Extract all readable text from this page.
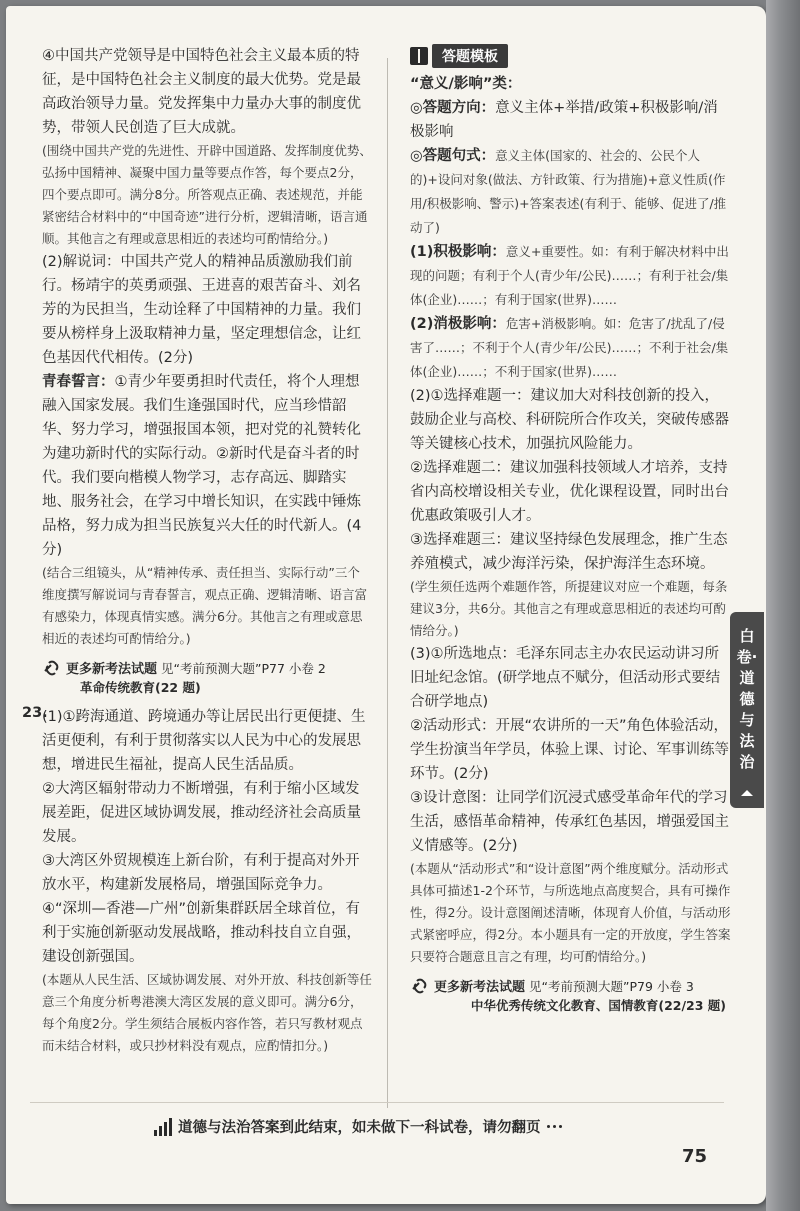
④中国共产党领导是中国特色社会主义最本质的特征，是中国特色社会主义制度的最大优势。党是最高政治领导力量。党发挥集中力量办大事的制度优势，带领人民创造了巨大成就。

(围绕中国共产党的先进性、开辟中国道路、发挥制度优势、弘扬中国精神、凝聚中国力量等要点作答，每个要点2分，四个要点即可。满分8分。所答观点正确、表述规范，并能紧密结合材料中的“中国奇迹”进行分析，逻辑清晰，语言通顺。其他言之有理或意思相近的表述均可酌情给分。)

(2)解说词：中国共产党人的精神品质激励我们前行。杨靖宇的英勇顽强、王进喜的艰苦奋斗、刘名芳的为民担当，生动诠释了中国精神的力量。我们要从榜样身上汲取精神力量，坚定理想信念，让红色基因代代相传。(2分)

青春誓言：①青少年要勇担时代责任，将个人理想融入国家发展。我们生逢强国时代，应当珍惜韶华、努力学习，增强报国本领，把对党的礼赞转化为建功新时代的实际行动。②新时代是奋斗者的时代。我们要向楷模人物学习，志存高远、脚踏实地、服务社会，在学习中增长知识，在实践中锤炼品格，努力成为担当民族复兴大任的时代新人。(4分)

(结合三组镜头，从“精神传承、责任担当、实际行动”三个维度撰写解说词与青春誓言，观点正确、逻辑清晰、语言富有感染力，体现真情实感。满分6分。其他言之有理或意思相近的表述均可酌情给分。)

更多新考法试题 见“考前预测大题”P77 小卷 2

革命传统教育(22 题)

23.

(1)①跨海通道、跨境通办等让居民出行更便捷、生活更便利，有利于贯彻落实以人民为中心的发展思想，增进民生福祉，提高人民生活品质。

②大湾区辐射带动力不断增强，有利于缩小区域发展差距，促进区域协调发展，推动经济社会高质量发展。

③大湾区外贸规模连上新台阶，有利于提高对外开放水平，构建新发展格局，增强国际竞争力。

④“深圳—香港—广州”创新集群跃居全球首位，有利于实施创新驱动发展战略，推动科技自立自强，建设创新强国。

(本题从人民生活、区域协调发展、对外开放、科技创新等任意三个角度分析粤港澳大湾区发展的意义即可。满分6分，每个角度2分。学生须结合展板内容作答，若只写教材观点而未结合材料，或只抄材料没有观点，应酌情扣分。)

答题模板

“意义/影响”类：

◎答题方向：意义主体+举措/政策+积极影响/消极影响

◎答题句式：意义主体(国家的、社会的、公民个人的)+设问对象(做法、方针政策、行为措施)+意义性质(作用/积极影响、警示)+答案表述(有利于、能够、促进了/推动了)

(1)积极影响：意义+重要性。如：有利于解决材料中出现的问题；有利于个人(青少年/公民)……；有利于社会/集体(企业)……；有利于国家(世界)……

(2)消极影响：危害+消极影响。如：危害了/扰乱了/侵害了……；不利于个人(青少年/公民)……；不利于社会/集体(企业)……；不利于国家(世界)……

(2)①选择难题一：建议加大对科技创新的投入，鼓励企业与高校、科研院所合作攻关，突破传感器等关键核心技术，加强抗风险能力。

②选择难题二：建议加强科技领域人才培养，支持省内高校增设相关专业，优化课程设置，同时出台优惠政策吸引人才。

③选择难题三：建议坚持绿色发展理念，推广生态养殖模式，减少海洋污染，保护海洋生态环境。

(学生须任选两个难题作答，所提建议对应一个难题，每条建议3分，共6分。其他言之有理或意思相近的表述均可酌情给分。)

(3)①所选地点：毛泽东同志主办农民运动讲习所旧址纪念馆。(研学地点不赋分，但活动形式要结合研学地点)

②活动形式：开展“农讲所的一天”角色体验活动，学生扮演当年学员，体验上课、讨论、军事训练等环节。(2分)

③设计意图：让同学们沉浸式感受革命年代的学习生活，感悟革命精神，传承红色基因，增强爱国主义情感等。(2分)

(本题从“活动形式”和“设计意图”两个维度赋分。活动形式具体可描述1-2个环节，与所选地点高度契合，具有可操作性，得2分。设计意图阐述清晰，体现育人价值，与活动形式紧密呼应，得2分。本小题具有一定的开放度，学生答案只要符合题意且言之有理，均可酌情给分。)

更多新考法试题 见“考前预测大题”P79 小卷 3

中华优秀传统文化教育、国情教育(22/23 题)

白卷·道德与法治
道德与法治答案到此结束，如未做下一科试卷，请勿翻页
75
